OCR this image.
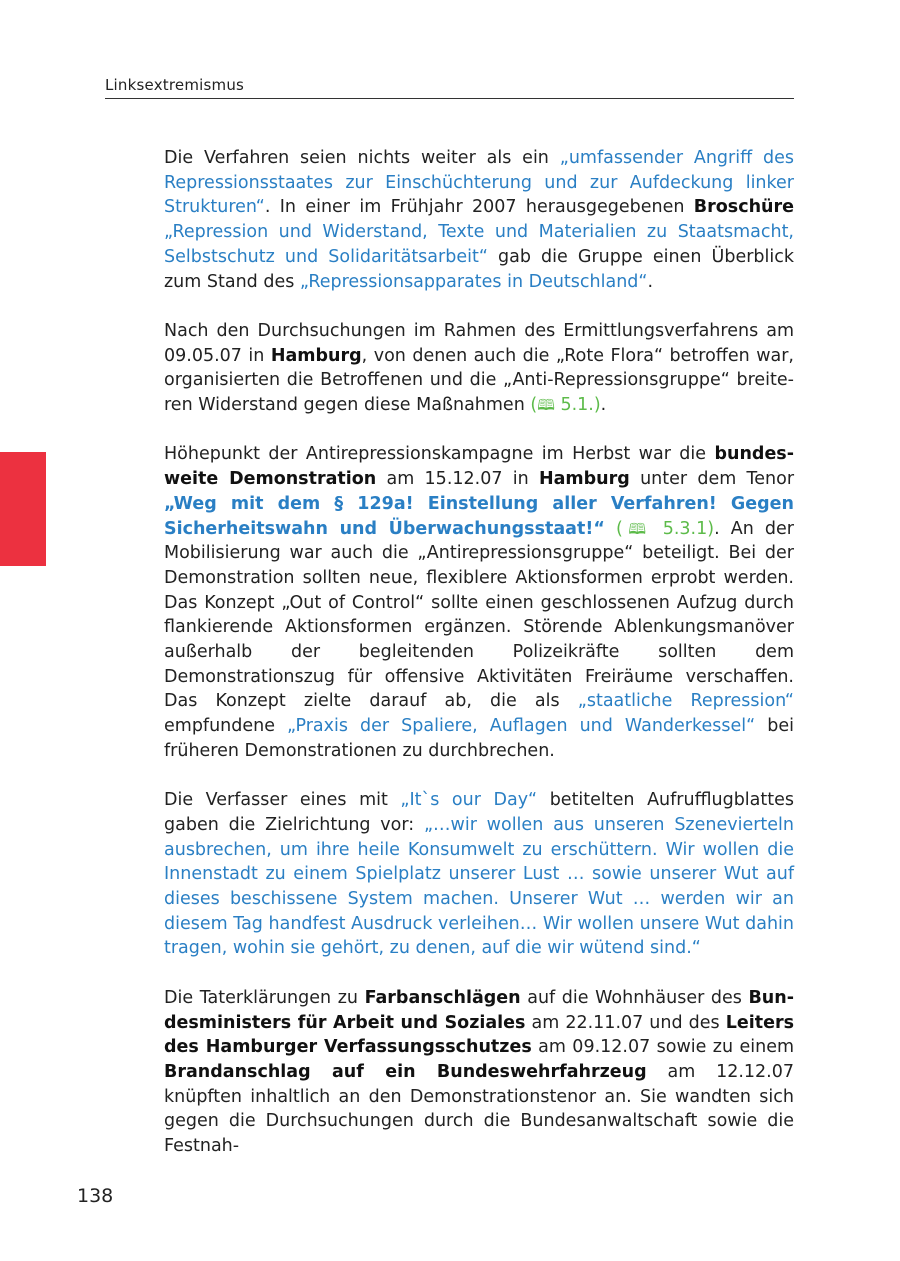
Linksextremismus

Die Verfahren seien nichts weiter als ein „umfassender Angriff des Repressionsstaates zur Einschüchterung und zur Aufdeckung linker Strukturen“. In einer im Frühjahr 2007 herausgegebenen Broschüre „Repression und Widerstand, Texte und Materialien zu Staatsmacht, Selbstschutz und Solidaritätsarbeit“ gab die Gruppe einen Überblick zum Stand des „Repressionsapparates in Deutschland“.

Nach den Durchsuchungen im Rahmen des Ermittlungsverfahrens am 09.05.07 in Hamburg, von denen auch die „Rote Flora“ betroffen war, organisierten die Betroffenen und die „Anti-Repressionsgruppe“ breiteren Widerstand gegen diese Maßnahmen (🕮 5.1.).

Höhepunkt der Antirepressionskampagne im Herbst war die bundesweite Demonstration am 15.12.07 in Hamburg unter dem Tenor „Weg mit dem § 129a! Einstellung aller Verfahren! Gegen Sicherheitswahn und Überwachungsstaat!“ (🕮 5.3.1). An der Mobilisierung war auch die „Antirepressionsgruppe“ beteiligt. Bei der Demonstration sollten neue, flexiblere Aktionsformen erprobt werden. Das Konzept „Out of Control“ sollte einen geschlossenen Aufzug durch flankierende Aktionsformen ergänzen. Störende Ablenkungsmanöver außerhalb der begleitenden Polizeikräfte sollten dem Demonstrationszug für offensive Aktivitäten Freiräume verschaffen. Das Konzept zielte darauf ab, die als „staatliche Repression“ empfundene „Praxis der Spaliere, Auflagen und Wanderkessel“ bei früheren Demonstrationen zu durchbrechen.

Die Verfasser eines mit „It`s our Day“ betitelten Aufrufflugblattes gaben die Zielrichtung vor: „…wir wollen aus unseren Szenevierteln ausbrechen, um ihre heile Konsumwelt zu erschüttern. Wir wollen die Innenstadt zu einem Spielplatz unserer Lust … sowie unserer Wut auf dieses beschissene System machen. Unserer Wut … werden wir an diesem Tag handfest Ausdruck verleihen… Wir wollen unsere Wut dahin tragen, wohin sie gehört, zu denen, auf die wir wütend sind.“

Die Taterklärungen zu Farbanschlägen auf die Wohnhäuser des Bundesministers für Arbeit und Soziales am 22.11.07 und des Leiters des Hamburger Verfassungsschutzes am 09.12.07 sowie zu einem Brandanschlag auf ein Bundeswehrfahrzeug am 12.12.07 knüpften inhaltlich an den Demonstrationstenor an. Sie wandten sich gegen die Durchsuchungen durch die Bundesanwaltschaft sowie die Festnah-

138
